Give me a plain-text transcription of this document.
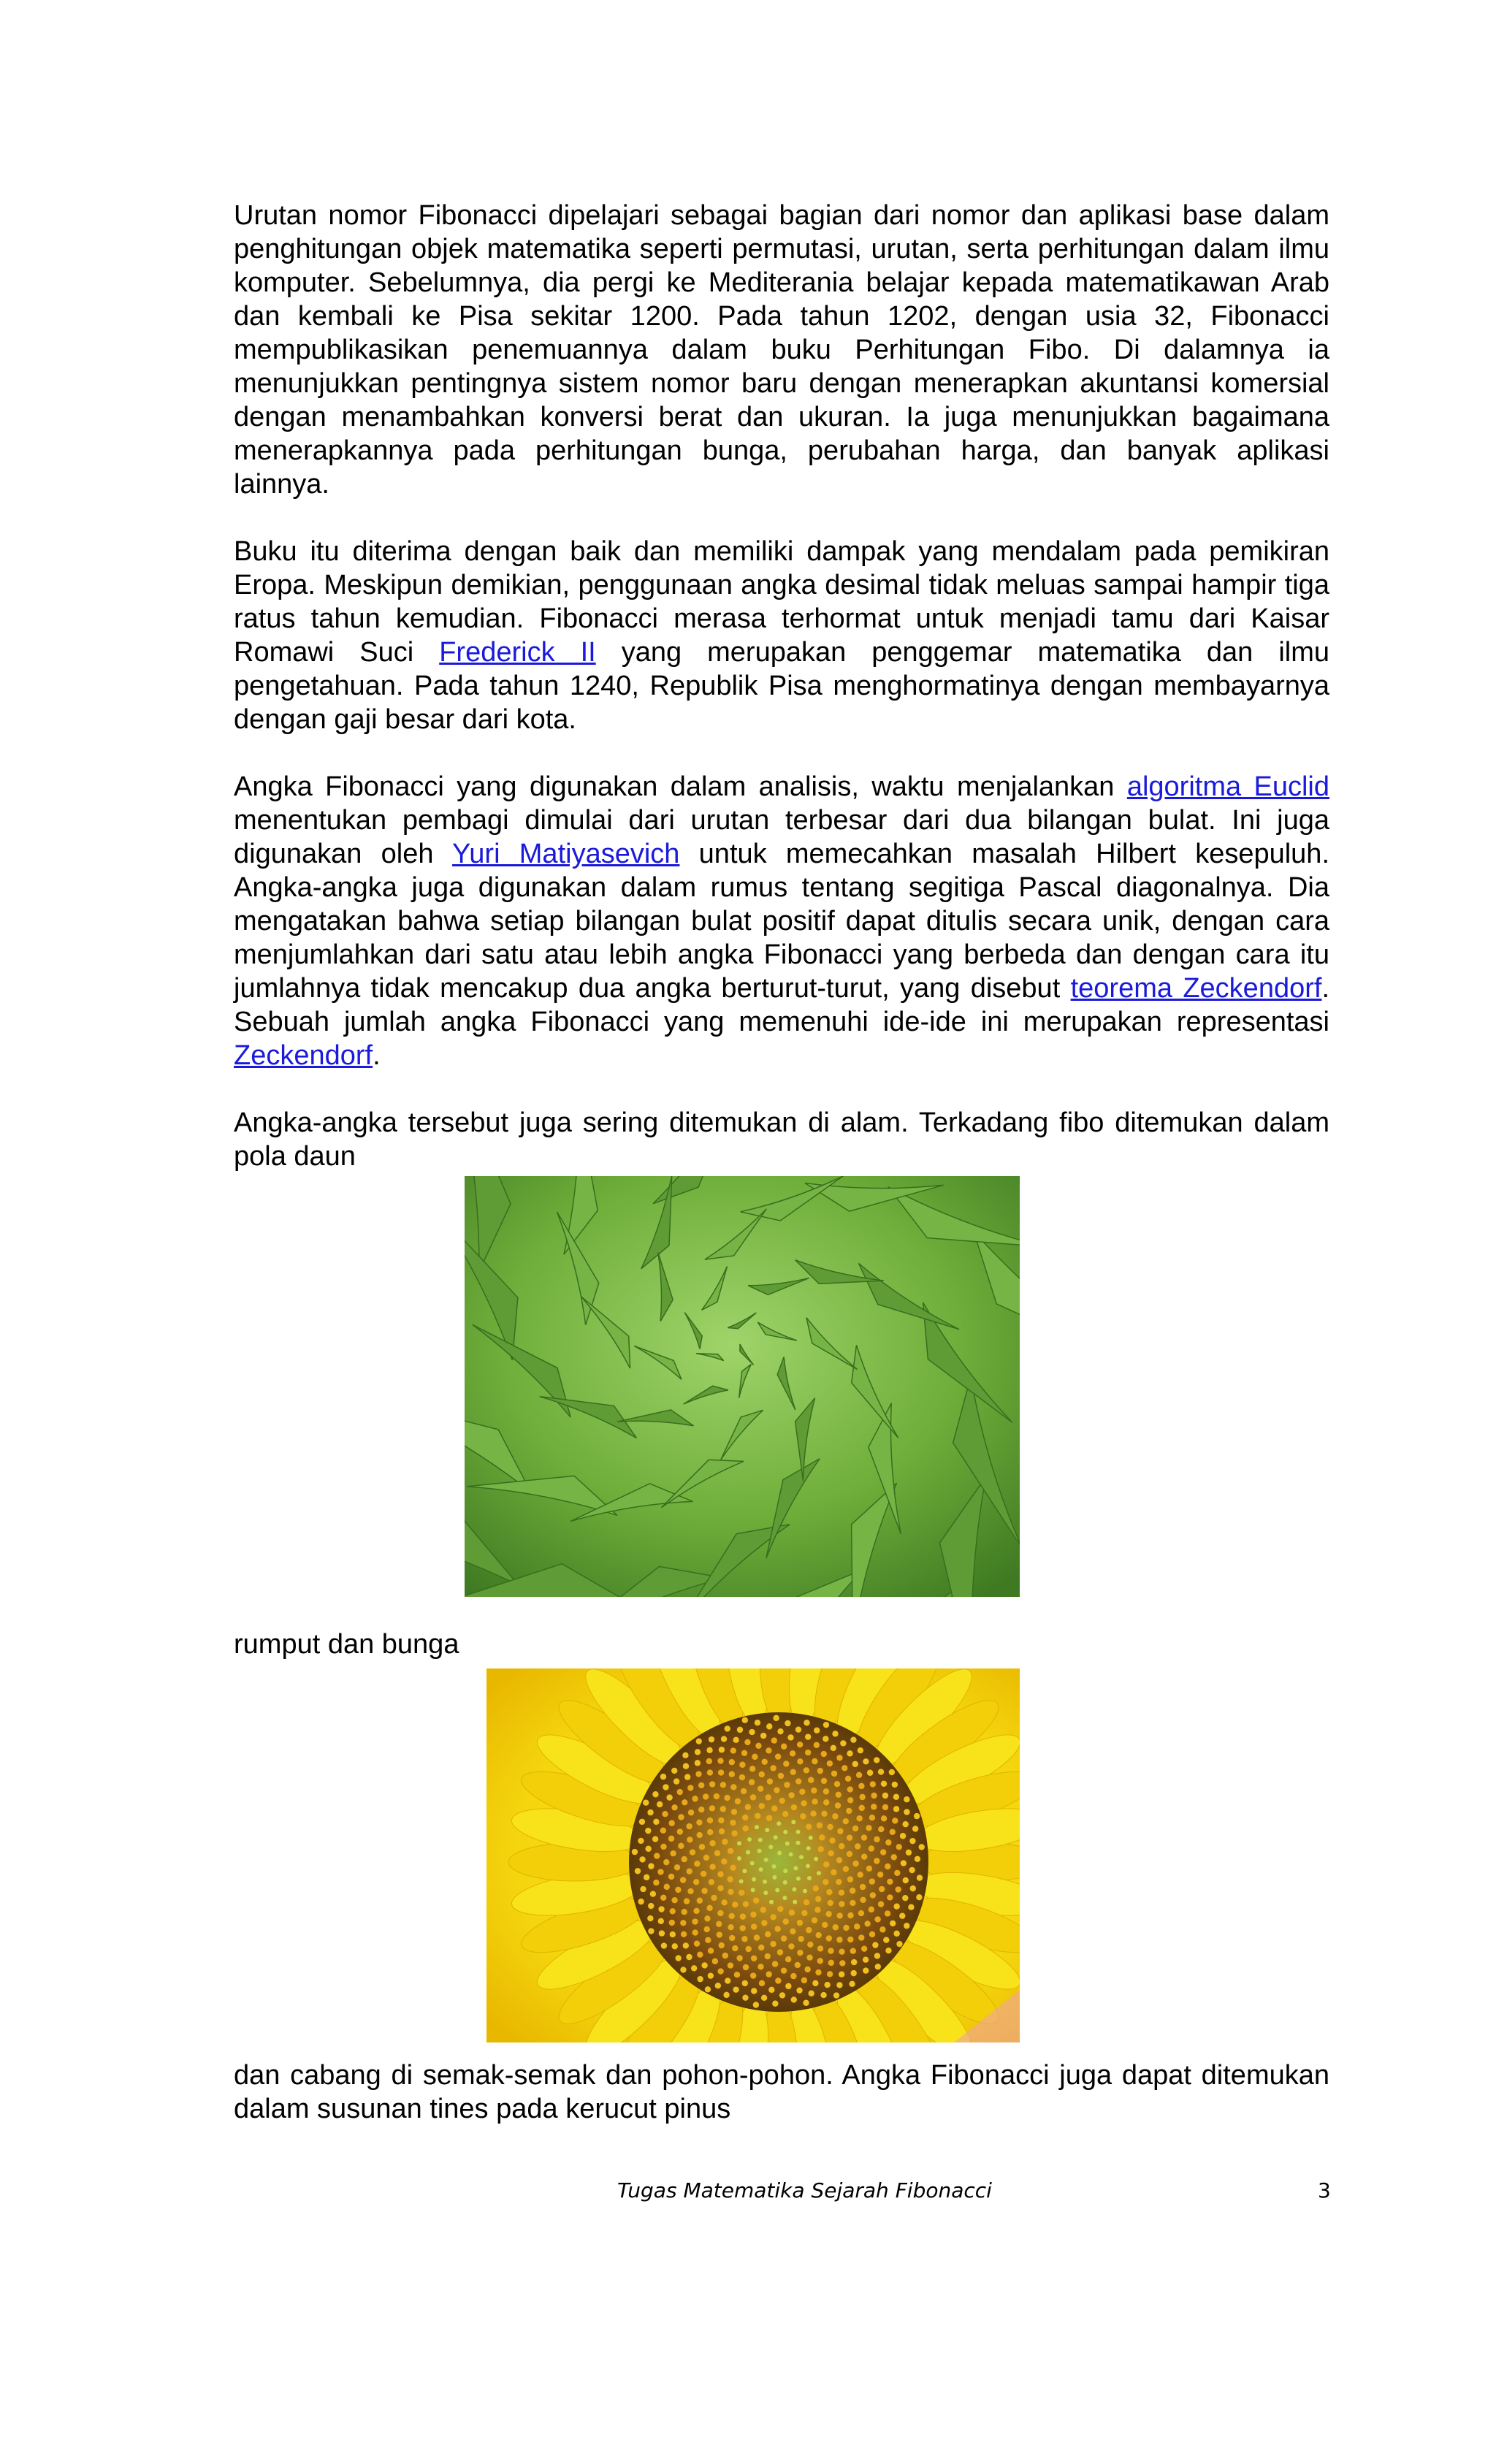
Urutan nomor Fibonacci dipelajari sebagai bagian dari nomor dan aplikasi base dalam penghitungan objek matematika seperti permutasi, urutan, serta perhitungan dalam ilmu komputer. Sebelumnya, dia pergi ke Mediterania belajar kepada matematikawan Arab dan kembali ke Pisa sekitar 1200. Pada tahun 1202, dengan usia 32, Fibonacci mempublikasikan penemuannya dalam buku Perhitungan Fibo. Di dalamnya ia menunjukkan pentingnya sistem nomor baru dengan menerapkan akuntansi komersial dengan menambahkan konversi berat dan ukuran. Ia juga menunjukkan bagaimana menerapkannya pada perhitungan bunga, perubahan harga, dan banyak aplikasi lainnya.

Buku itu diterima dengan baik dan memiliki dampak yang mendalam pada pemikiran Eropa. Meskipun demikian, penggunaan angka desimal tidak meluas sampai hampir tiga ratus tahun kemudian. Fibonacci merasa terhormat untuk menjadi tamu dari Kaisar Romawi Suci Frederick II yang merupakan penggemar matematika dan ilmu pengetahuan. Pada tahun 1240, Republik Pisa menghormatinya dengan membayarnya dengan gaji besar dari kota.

Angka Fibonacci yang digunakan dalam analisis, waktu menjalankan algoritma Euclid menentukan pembagi dimulai dari urutan terbesar dari dua bilangan bulat. Ini juga digunakan oleh Yuri Matiyasevich untuk memecahkan masalah Hilbert kesepuluh. Angka-angka juga digunakan dalam rumus tentang segitiga Pascal diagonalnya. Dia mengatakan bahwa setiap bilangan bulat positif dapat ditulis secara unik, dengan cara menjumlahkan dari satu atau lebih angka Fibonacci yang berbeda dan dengan cara itu jumlahnya tidak mencakup dua angka berturut-turut, yang disebut teorema Zeckendorf. Sebuah jumlah angka Fibonacci yang memenuhi ide-ide ini merupakan representasi Zeckendorf.

Angka-angka tersebut juga sering ditemukan di alam. Terkadang fibo ditemukan dalam pola daun

rumput dan bunga

dan cabang di semak-semak dan pohon-pohon. Angka Fibonacci juga dapat ditemukan dalam susunan tines pada kerucut pinus

Tugas Matematika Sejarah Fibonacci	3
